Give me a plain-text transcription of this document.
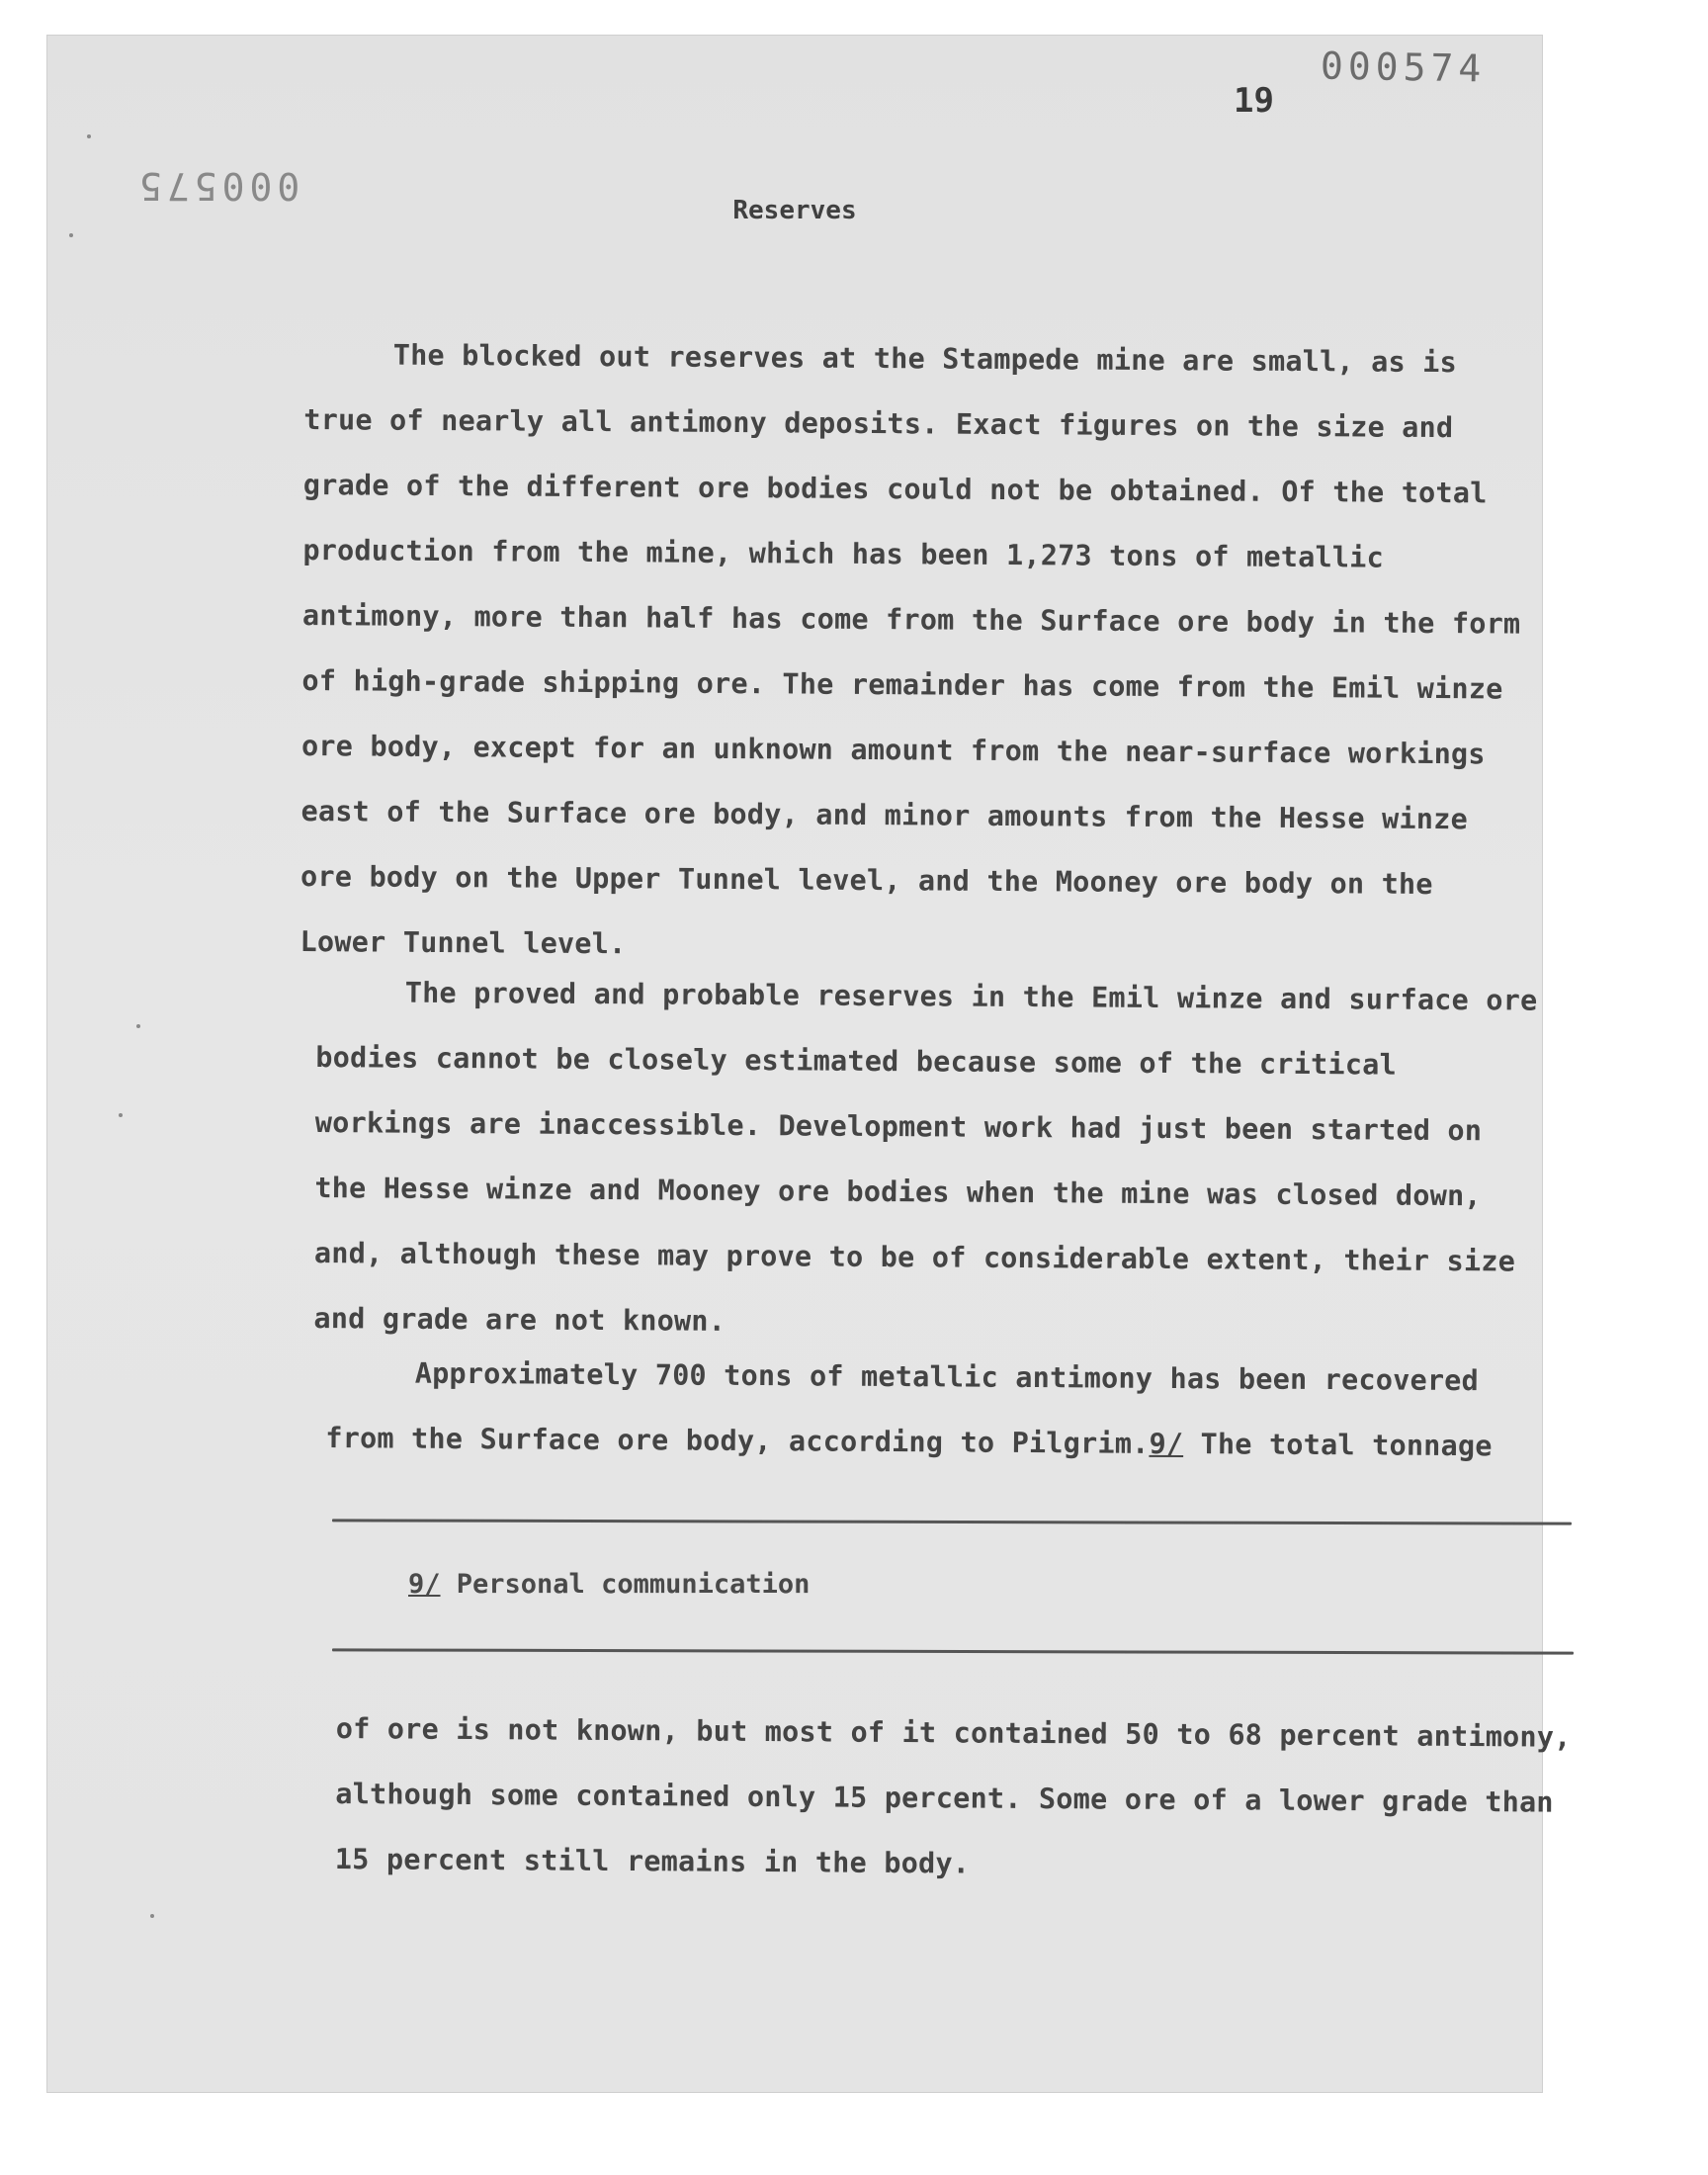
000574
000575
19
Reserves

The blocked out reserves at the Stampede mine are small, as is true of nearly all antimony deposits. Exact figures on the size and grade of the different ore bodies could not be obtained. Of the total production from the mine, which has been 1,273 tons of metallic antimony, more than half has come from the Surface ore body in the form of high-grade shipping ore. The remainder has come from the Emil winze ore body, except for an unknown amount from the near-surface workings east of the Surface ore body, and minor amounts from the Hesse winze ore body on the Upper Tunnel level, and the Mooney ore body on the Lower Tunnel level.

The proved and probable reserves in the Emil winze and surface ore bodies cannot be closely estimated because some of the critical workings are inaccessible. Development work had just been started on the Hesse winze and Mooney ore bodies when the mine was closed down, and, although these may prove to be of considerable extent, their size and grade are not known.

Approximately 700 tons of metallic antimony has been recovered from the Surface ore body, according to Pilgrim.9/ The total tonnage

9/ Personal communication

of ore is not known, but most of it contained 50 to 68 percent antimony, although some contained only 15 percent. Some ore of a lower grade than 15 percent still remains in the body.
